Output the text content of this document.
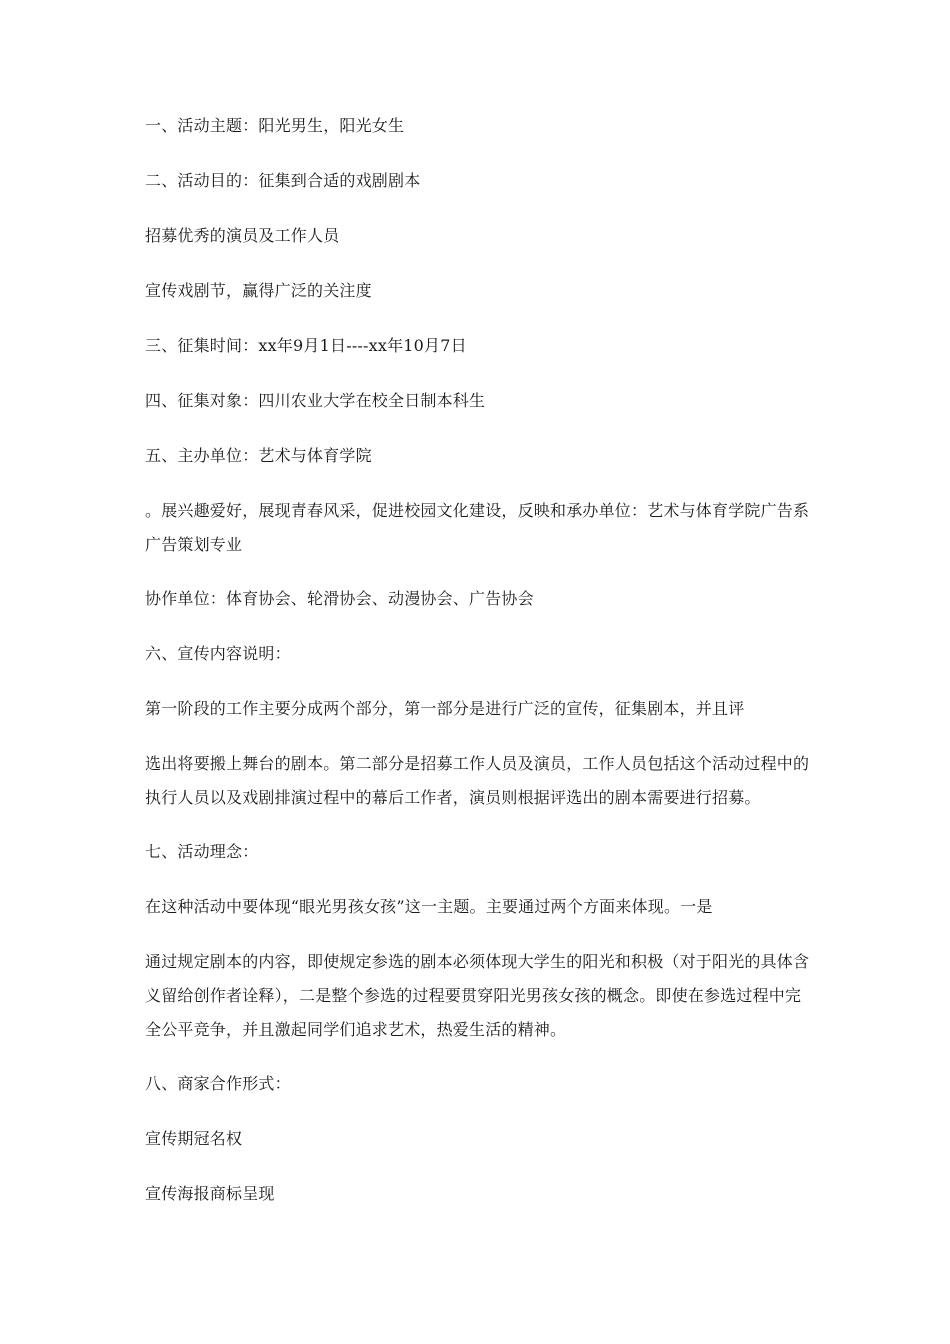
一、活动主题：阳光男生，阳光女生
二、活动目的：征集到合适的戏剧剧本
招募优秀的演员及工作人员
宣传戏剧节，赢得广泛的关注度
三、征集时间：xx年9月1日----xx年10月7日
四、征集对象：四川农业大学在校全日制本科生
五、主办单位：艺术与体育学院
。展兴趣爱好，展现青春风采，促进校园文化建设，反映和承办单位：艺术与体育学院广告系广告策划专业
协作单位：体育协会、轮滑协会、动漫协会、广告协会
六、宣传内容说明：
第一阶段的工作主要分成两个部分，第一部分是进行广泛的宣传，征集剧本，并且评
选出将要搬上舞台的剧本。第二部分是招募工作人员及演员，工作人员包括这个活动过程中的执行人员以及戏剧排演过程中的幕后工作者，演员则根据评选出的剧本需要进行招募。
七、活动理念：
在这种活动中要体现“眼光男孩女孩”这一主题。主要通过两个方面来体现。一是
通过规定剧本的内容，即使规定参选的剧本必须体现大学生的阳光和积极（对于阳光的具体含义留给创作者诠释），二是整个参选的过程要贯穿阳光男孩女孩的概念。即使在参选过程中完全公平竞争，并且激起同学们追求艺术，热爱生活的精神。
八、商家合作形式：
宣传期冠名权
宣传海报商标呈现
